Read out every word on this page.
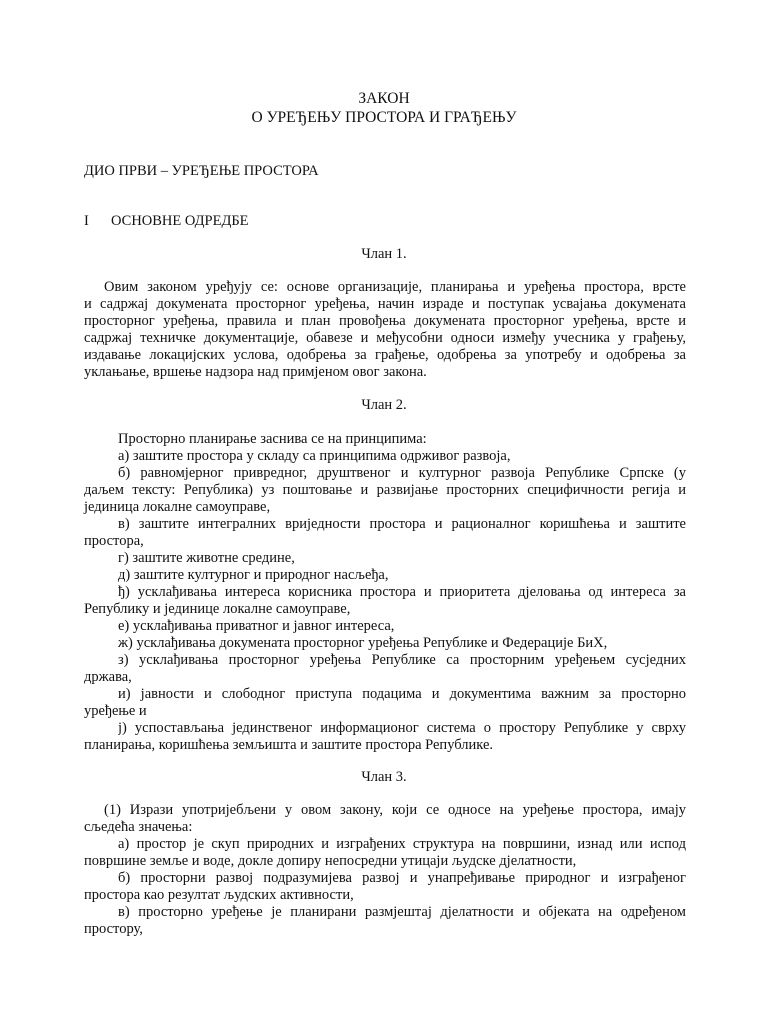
ЗАКОН
О УРЕЂЕЊУ ПРОСТОРА И ГРАЂЕЊУ
ДИО ПРВИ – УРЕЂЕЊЕ ПРОСТОРА
I ОСНОВНЕ ОДРЕДБЕ
Члан 1.
Овим законом уређују се: основе организације, планирања и уређења простора, врсте
и садржај докумената просторног уређења, начин израде и поступак усвајања докумената
просторног уређења, правила и план провођења докумената просторног уређења, врсте и
садржај техничке документације, обавезе и међусобни односи између учесника у грађењу,
издавање локацијских услова, одобрења за грађење, одобрења за употребу и одобрења за
уклањање, вршење надзора над примјеном овог закона.
Члан 2.
Просторно планирање заснива се на принципима:
а) заштите простора у складу са принципима одрживог развоја,
б) равномјерног привредног, друштвеног и културног развоја Републике Српске (у
даљем тексту: Република) уз поштовање и развијање просторних специфичности регија и
јединица локалне самоуправе,
в) заштите интегралних вриједности простора и рационалног коришћења и заштите
простора,
г) заштите животне средине,
д) заштите културног и природног насљеђа,
ђ) усклађивања интереса корисника простора и приоритета дјеловања од интереса за
Републику и јединице локалне самоуправе,
е) усклађивања приватног и јавног интереса,
ж) усклађивања докумената просторног уређења Републике и Федерације БиХ,
з) усклађивања просторног уређења Републике са просторним уређењем сусједних
држава,
и) јавности и слободног приступа подацима и документима важним за просторно
уређење и
ј) успостављања јединственог информационог система о простору Републике у сврху
планирања, коришћења земљишта и заштите простора Републике.
Члан 3.
(1) Изрази употријебљени у овом закону, који се односе на уређење простора, имају
сљедећа значења:
а) простор је скуп природних и изграђених структура на површини, изнад или испод
површине земље и воде, докле допиру непосредни утицаји људске дјелатности,
б) просторни развој подразумијева развој и унапређивање природног и изграђеног
простора као резултат људских активности,
в) просторно уређење је планирани размјештај дјелатности и објеката на одређеном
простору,
